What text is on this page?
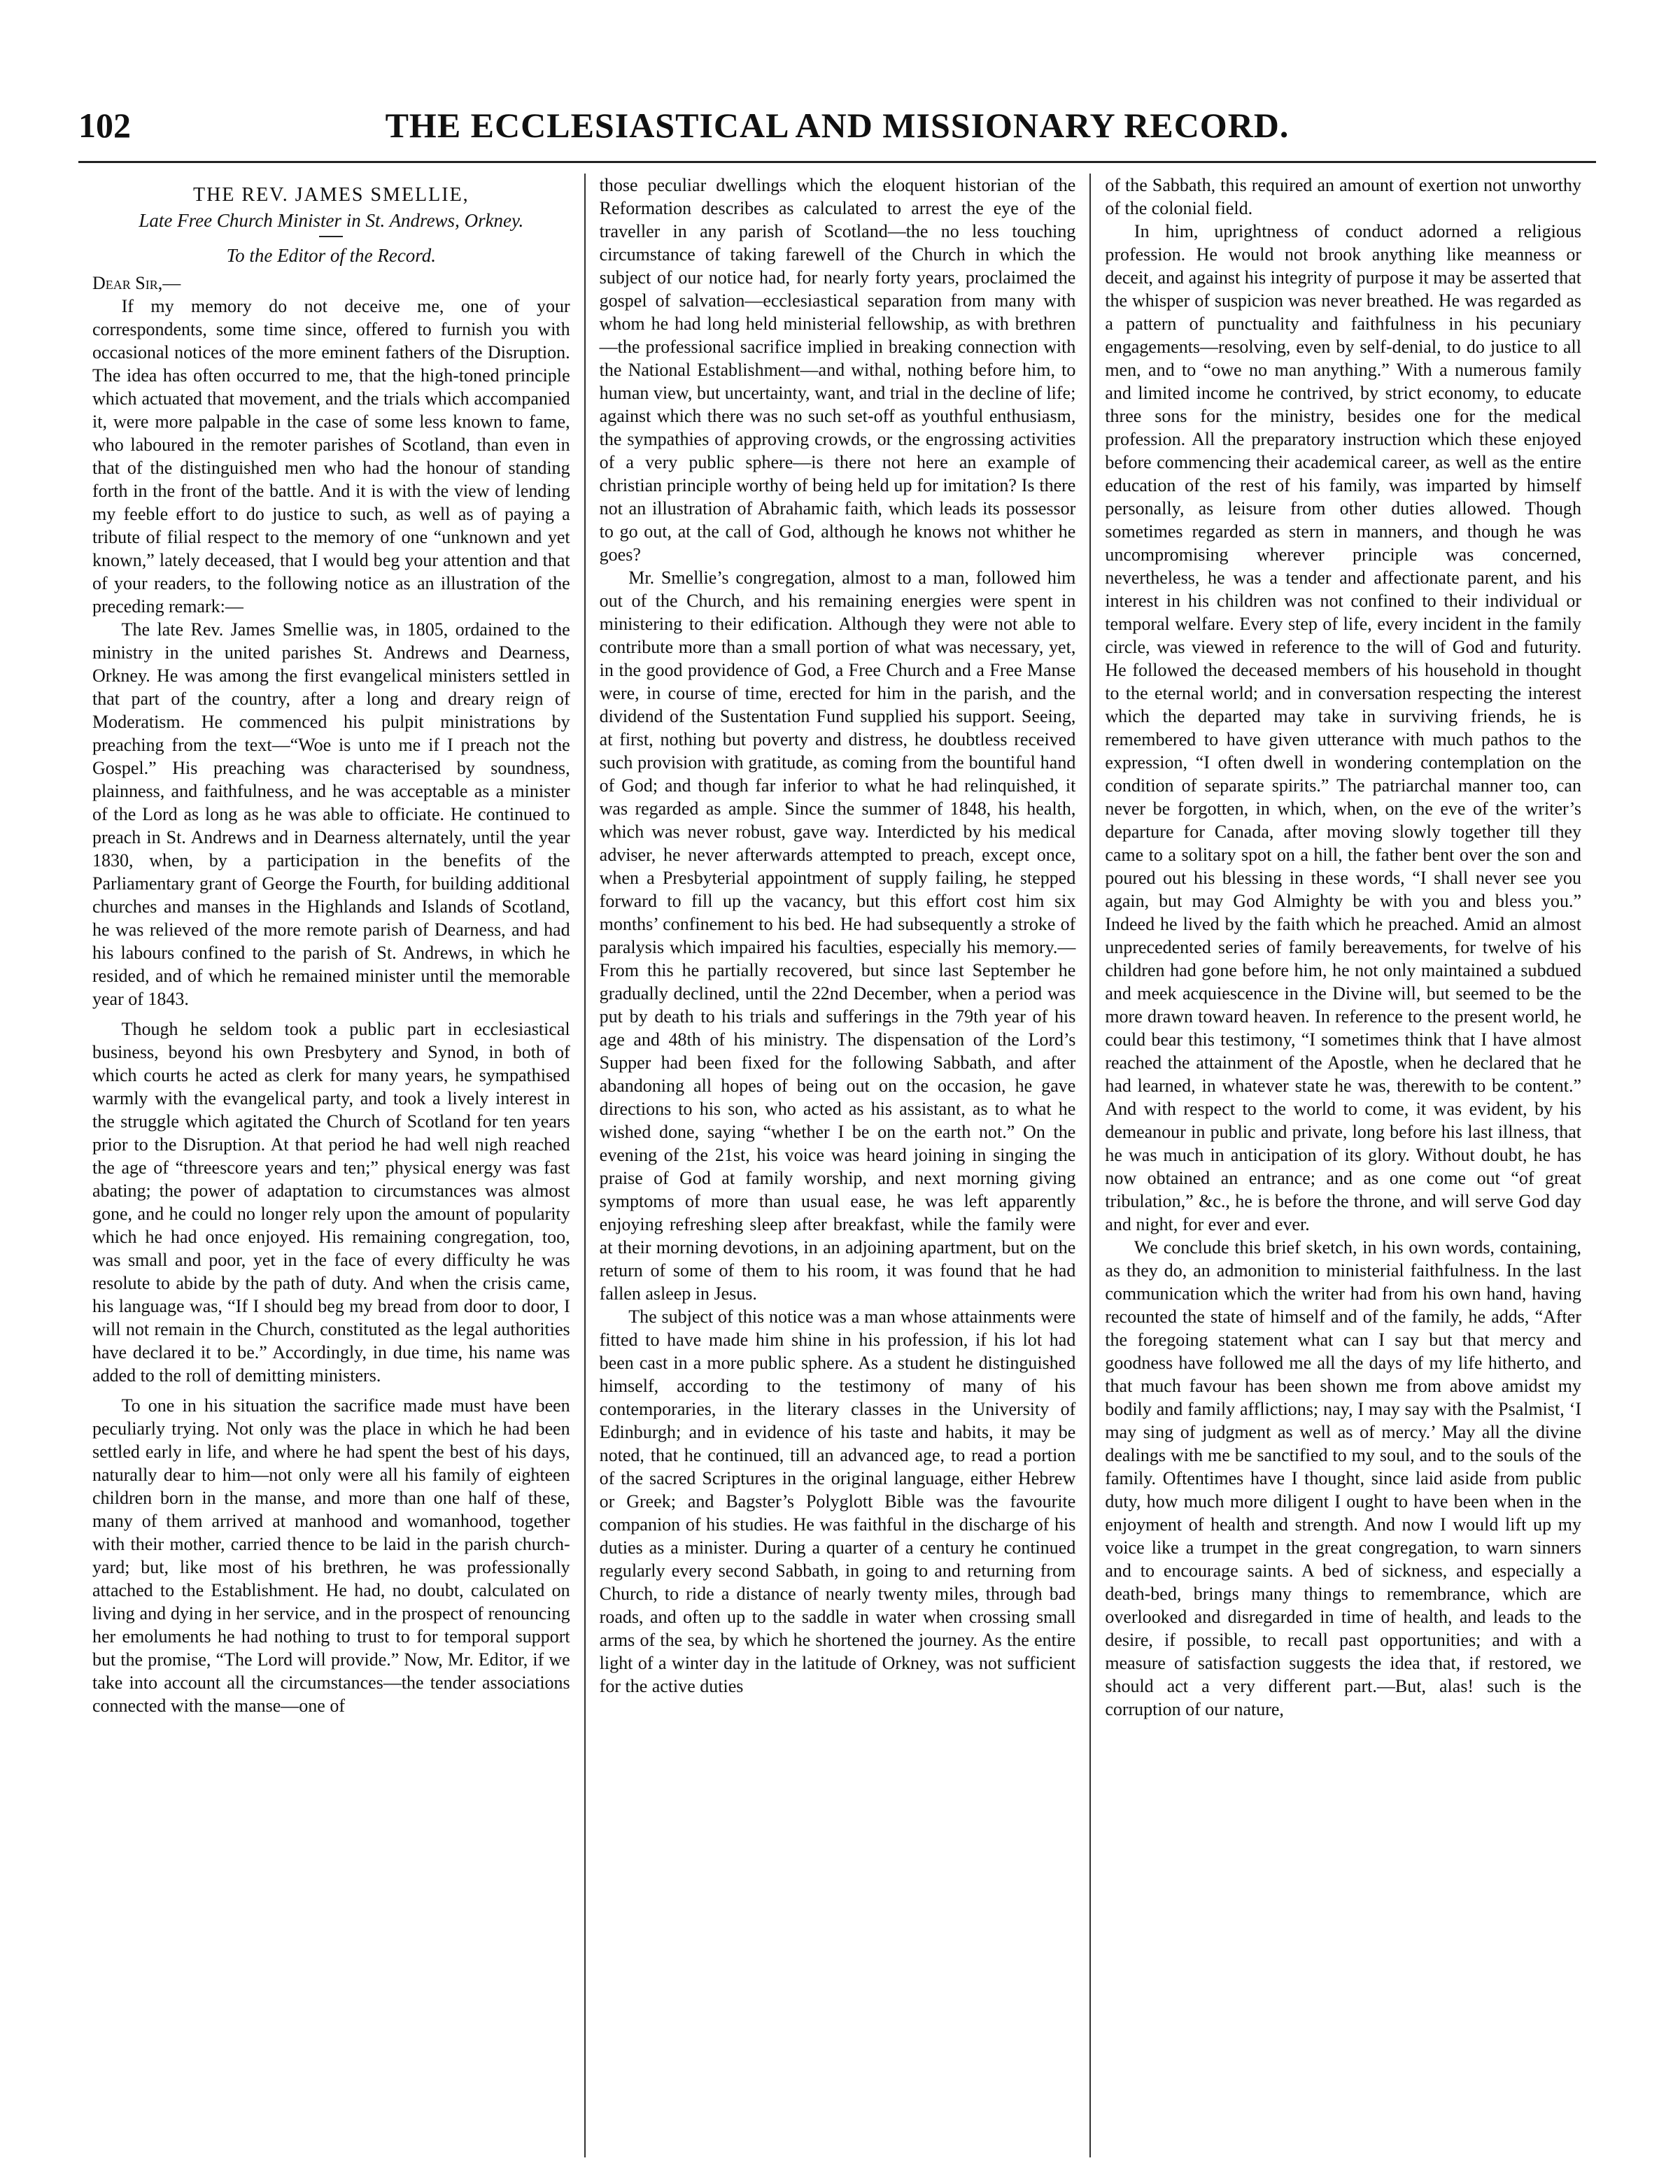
102	THE ECCLESIASTICAL AND MISSIONARY RECORD.
THE REV. JAMES SMELLIE,
Late Free Church Minister in St. Andrews, Orkney.
To the Editor of the Record.

Dear Sir,—

If my memory do not deceive me, one of your correspondents, some time since, offered to furnish you with occasional notices of the more eminent fathers of the Disruption. The idea has often occurred to me, that the high-toned principle which actuated that movement, and the trials which accompanied it, were more palpable in the case of some less known to fame, who laboured in the remoter parishes of Scotland, than even in that of the distinguished men who had the honour of standing forth in the front of the battle. And it is with the view of lending my feeble effort to do justice to such, as well as of paying a tribute of filial respect to the memory of one “unknown and yet known,” lately deceased, that I would beg your attention and that of your readers, to the following notice as an illustration of the preceding remark:—

The late Rev. James Smellie was, in 1805, ordained to the ministry in the united parishes St. Andrews and Dearness, Orkney. He was among the first evangelical ministers settled in that part of the country, after a long and dreary reign of Moderatism. He commenced his pulpit ministrations by preaching from the text—“Woe is unto me if I preach not the Gospel.” His preaching was characterised by soundness, plainness, and faithfulness, and he was acceptable as a minister of the Lord as long as he was able to officiate. He continued to preach in St. Andrews and in Dearness alternately, until the year 1830, when, by a participation in the benefits of the Parliamentary grant of George the Fourth, for building additional churches and manses in the Highlands and Islands of Scotland, he was relieved of the more remote parish of Dearness, and had his labours confined to the parish of St. Andrews, in which he resided, and of which he remained minister until the memorable year of 1843.

Though he seldom took a public part in ecclesiastical business, beyond his own Presbytery and Synod, in both of which courts he acted as clerk for many years, he sympathised warmly with the evangelical party, and took a lively interest in the struggle which agitated the Church of Scotland for ten years prior to the Disruption. At that period he had well nigh reached the age of “threescore years and ten;” physical energy was fast abating; the power of adaptation to circumstances was almost gone, and he could no longer rely upon the amount of popularity which he had once enjoyed. His remaining congregation, too, was small and poor, yet in the face of every difficulty he was resolute to abide by the path of duty. And when the crisis came, his language was, “If I should beg my bread from door to door, I will not remain in the Church, constituted as the legal authorities have declared it to be.” Accordingly, in due time, his name was added to the roll of demitting ministers.

To one in his situation the sacrifice made must have been peculiarly trying. Not only was the place in which he had been settled early in life, and where he had spent the best of his days, naturally dear to him—not only were all his family of eighteen children born in the manse, and more than one half of these, many of them arrived at manhood and womanhood, together with their mother, carried thence to be laid in the parish church-yard; but, like most of his brethren, he was professionally attached to the Establishment. He had, no doubt, calculated on living and dying in her service, and in the prospect of renouncing her emoluments he had nothing to trust to for temporal support but the promise, “The Lord will provide.” Now, Mr. Editor, if we take into account all the circumstances—the tender associations connected with the manse—one of

those peculiar dwellings which the eloquent historian of the Reformation describes as calculated to arrest the eye of the traveller in any parish of Scotland—the no less touching circumstance of taking farewell of the Church in which the subject of our notice had, for nearly forty years, proclaimed the gospel of salvation—ecclesiastical separation from many with whom he had long held ministerial fellowship, as with brethren—the professional sacrifice implied in breaking connection with the National Establishment—and withal, nothing before him, to human view, but uncertainty, want, and trial in the decline of life; against which there was no such set-off as youthful enthusiasm, the sympathies of approving crowds, or the engrossing activities of a very public sphere—is there not here an example of christian principle worthy of being held up for imitation? Is there not an illustration of Abrahamic faith, which leads its possessor to go out, at the call of God, although he knows not whither he goes?

Mr. Smellie’s congregation, almost to a man, followed him out of the Church, and his remaining energies were spent in ministering to their edification. Although they were not able to contribute more than a small portion of what was necessary, yet, in the good providence of God, a Free Church and a Free Manse were, in course of time, erected for him in the parish, and the dividend of the Sustentation Fund supplied his support. Seeing, at first, nothing but poverty and distress, he doubtless received such provision with gratitude, as coming from the bountiful hand of God; and though far inferior to what he had relinquished, it was regarded as ample. Since the summer of 1848, his health, which was never robust, gave way. Interdicted by his medical adviser, he never afterwards attempted to preach, except once, when a Presbyterial appointment of supply failing, he stepped forward to fill up the vacancy, but this effort cost him six months’ confinement to his bed. He had subsequently a stroke of paralysis which impaired his faculties, especially his memory.—From this he partially recovered, but since last September he gradually declined, until the 22nd December, when a period was put by death to his trials and sufferings in the 79th year of his age and 48th of his ministry. The dispensation of the Lord’s Supper had been fixed for the following Sabbath, and after abandoning all hopes of being out on the occasion, he gave directions to his son, who acted as his assistant, as to what he wished done, saying “whether I be on the earth not.” On the evening of the 21st, his voice was heard joining in singing the praise of God at family worship, and next morning giving symptoms of more than usual ease, he was left apparently enjoying refreshing sleep after breakfast, while the family were at their morning devotions, in an adjoining apartment, but on the return of some of them to his room, it was found that he had fallen asleep in Jesus.

The subject of this notice was a man whose attainments were fitted to have made him shine in his profession, if his lot had been cast in a more public sphere. As a student he distinguished himself, according to the testimony of many of his contemporaries, in the literary classes in the University of Edinburgh; and in evidence of his taste and habits, it may be noted, that he continued, till an advanced age, to read a portion of the sacred Scriptures in the original language, either Hebrew or Greek; and Bagster’s Polyglott Bible was the favourite companion of his studies. He was faithful in the discharge of his duties as a minister. During a quarter of a century he continued regularly every second Sabbath, in going to and returning from Church, to ride a distance of nearly twenty miles, through bad roads, and often up to the saddle in water when crossing small arms of the sea, by which he shortened the journey. As the entire light of a winter day in the latitude of Orkney, was not sufficient for the active duties

of the Sabbath, this required an amount of exertion not unworthy of the colonial field.

In him, uprightness of conduct adorned a religious profession. He would not brook anything like meanness or deceit, and against his integrity of purpose it may be asserted that the whisper of suspicion was never breathed. He was regarded as a pattern of punctuality and faithfulness in his pecuniary engagements—resolving, even by self-denial, to do justice to all men, and to “owe no man anything.” With a numerous family and limited income he contrived, by strict economy, to educate three sons for the ministry, besides one for the medical profession. All the preparatory instruction which these enjoyed before commencing their academical career, as well as the entire education of the rest of his family, was imparted by himself personally, as leisure from other duties allowed. Though sometimes regarded as stern in manners, and though he was uncompromising wherever principle was concerned, nevertheless, he was a tender and affectionate parent, and his interest in his children was not confined to their individual or temporal welfare. Every step of life, every incident in the family circle, was viewed in reference to the will of God and futurity. He followed the deceased members of his household in thought to the eternal world; and in conversation respecting the interest which the departed may take in surviving friends, he is remembered to have given utterance with much pathos to the expression, “I often dwell in wondering contemplation on the condition of separate spirits.” The patriarchal manner too, can never be forgotten, in which, when, on the eve of the writer’s departure for Canada, after moving slowly together till they came to a solitary spot on a hill, the father bent over the son and poured out his blessing in these words, “I shall never see you again, but may God Almighty be with you and bless you.” Indeed he lived by the faith which he preached. Amid an almost unprecedented series of family bereavements, for twelve of his children had gone before him, he not only maintained a subdued and meek acquiescence in the Divine will, but seemed to be the more drawn toward heaven. In reference to the present world, he could bear this testimony, “I sometimes think that I have almost reached the attainment of the Apostle, when he declared that he had learned, in whatever state he was, therewith to be content.” And with respect to the world to come, it was evident, by his demeanour in public and private, long before his last illness, that he was much in anticipation of its glory. Without doubt, he has now obtained an entrance; and as one come out “of great tribulation,” &c., he is before the throne, and will serve God day and night, for ever and ever.

We conclude this brief sketch, in his own words, containing, as they do, an admonition to ministerial faithfulness. In the last communication which the writer had from his own hand, having recounted the state of himself and of the family, he adds, “After the foregoing statement what can I say but that mercy and goodness have followed me all the days of my life hitherto, and that much favour has been shown me from above amidst my bodily and family afflictions; nay, I may say with the Psalmist, ‘I may sing of judgment as well as of mercy.’ May all the divine dealings with me be sanctified to my soul, and to the souls of the family. Oftentimes have I thought, since laid aside from public duty, how much more diligent I ought to have been when in the enjoyment of health and strength. And now I would lift up my voice like a trumpet in the great congregation, to warn sinners and to encourage saints. A bed of sickness, and especially a death-bed, brings many things to remembrance, which are overlooked and disregarded in time of health, and leads to the desire, if possible, to recall past opportunities; and with a measure of satisfaction suggests the idea that, if restored, we should act a very different part.—But, alas! such is the corruption of our nature,
